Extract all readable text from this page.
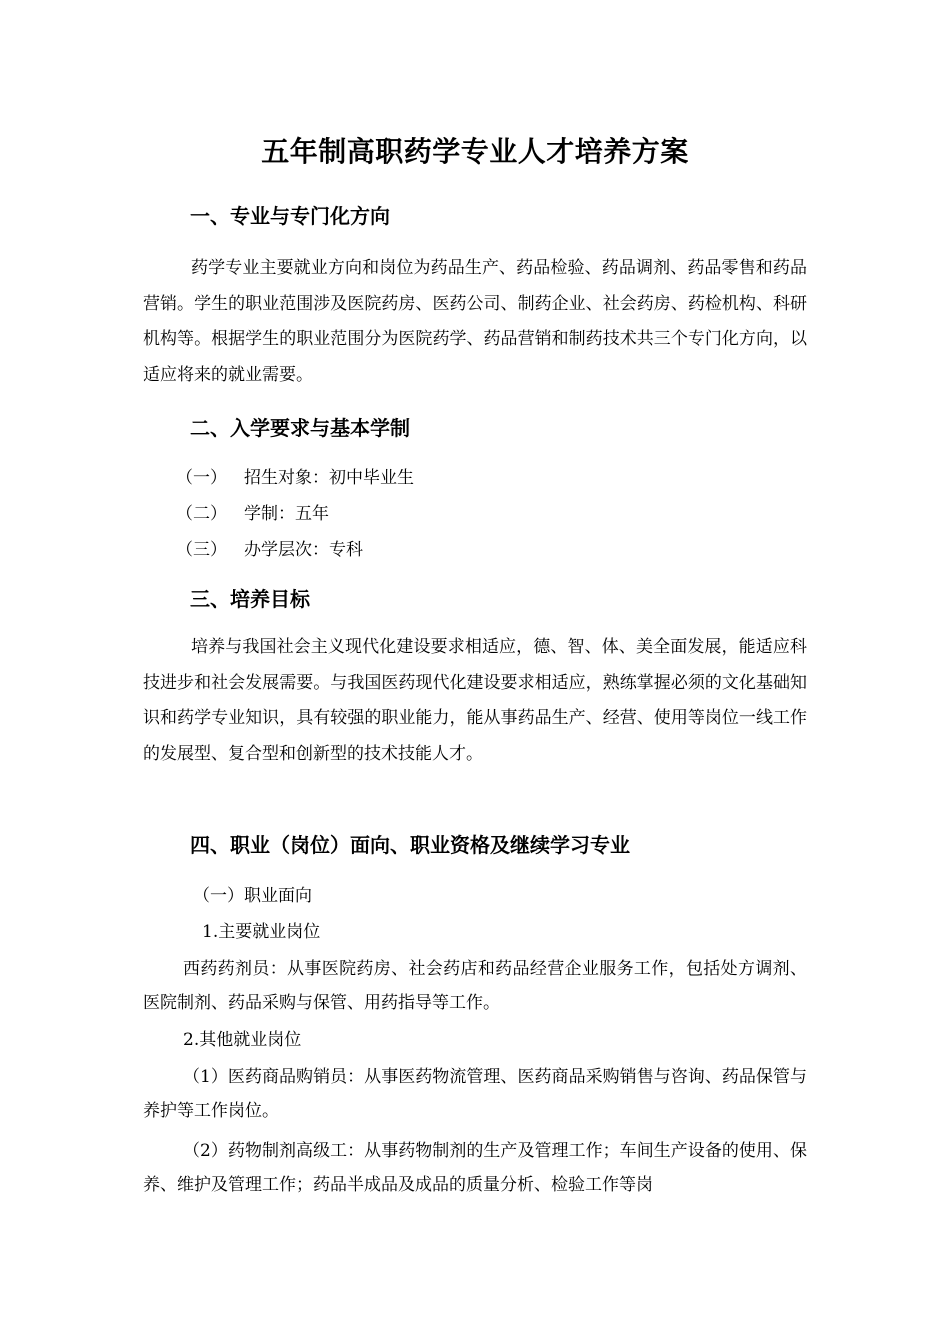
五年制高职药学专业人才培养方案
一、专业与专门化方向

药学专业主要就业方向和岗位为药品生产、药品检验、药品调剂、药品零售和药品营销。学生的职业范围涉及医院药房、医药公司、制药企业、社会药房、药检机构、科研机构等。根据学生的职业范围分为医院药学、药品营销和制药技术共三个专门化方向，以适应将来的就业需要。

二、入学要求与基本学制
（一） 招生对象：初中毕业生
（二） 学制：五年
（三） 办学层次：专科
三、培养目标

培养与我国社会主义现代化建设要求相适应，德、智、体、美全面发展，能适应科技进步和社会发展需要。与我国医药现代化建设要求相适应，熟练掌握必须的文化基础知识和药学专业知识，具有较强的职业能力，能从事药品生产、经营、使用等岗位一线工作的发展型、复合型和创新型的技术技能人才。

四、职业（岗位）面向、职业资格及继续学习专业
（一）职业面向
1.主要就业岗位

西药药剂员：从事医院药房、社会药店和药品经营企业服务工作，包括处方调剂、医院制剂、药品采购与保管、用药指导等工作。

2.其他就业岗位

（1）医药商品购销员：从事医药物流管理、医药商品采购销售与咨询、药品保管与养护等工作岗位。

（2）药物制剂高级工：从事药物制剂的生产及管理工作；车间生产设备的使用、保养、维护及管理工作；药品半成品及成品的质量分析、检验工作等岗
